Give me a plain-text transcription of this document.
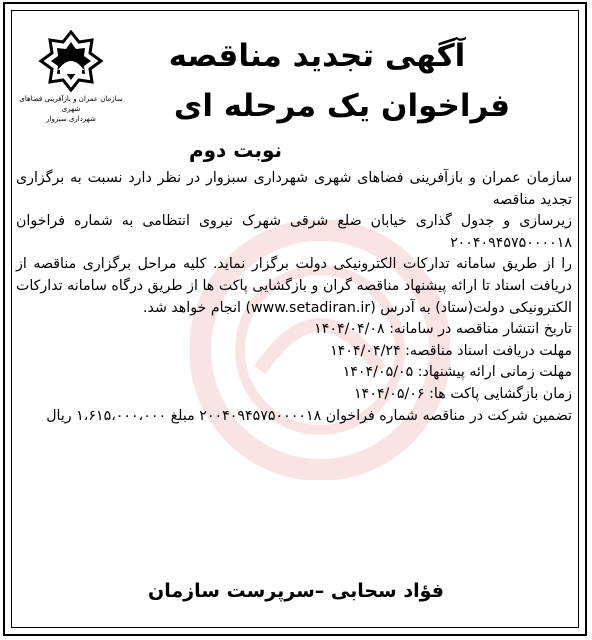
سازمان عمران و بازآفرینی فضاهای شهری
شهرداری سبزوار
آگهی تجدید مناقصه
فراخوان یک مرحله ای
نوبت دوم

سازمان عمران و بازآفرینی فضاهای شهری شهرداری سبزوار در نظر دارد نسبت به برگزاری تجدید مناقصه

زیرسازی و جدول گذاری خیابان ضلع شرقی شهرک نیروی انتظامی به شماره فراخوان ۲۰۰۴۰۹۴۵۷۵۰۰۰۰۱۸

را از طریق سامانه تدارکات الکترونیکی دولت برگزار نماید. کلیه مراحل برگزاری مناقصه از دریافت اسناد تا ارائه پیشنهاد مناقصه گران و بازگشایی پاکت ها از طریق درگاه سامانه تدارکات الکترونیکی دولت(ستاد) به آدرس (www.setadiran.ir) انجام خواهد شد.

تاریخ انتشار مناقصه در سامانه: ۱۴۰۴/۰۴/۰۸
مهلت دریافت اسناد مناقصه: ۱۴۰۴/۰۴/۲۴
مهلت زمانی ارائه پیشنهاد: ۱۴۰۴/۰۵/۰۵
زمان بازگشایی پاکت ها: ۱۴۰۴/۰۵/۰۶

تضمین شرکت در مناقصه شماره فراخوان ۲۰۰۴۰۹۴۵۷۵۰۰۰۰۱۸ مبلغ ۱،۶۱۵،۰۰۰،۰۰۰ ریال

فؤاد سحابی –سرپرست سازمان
